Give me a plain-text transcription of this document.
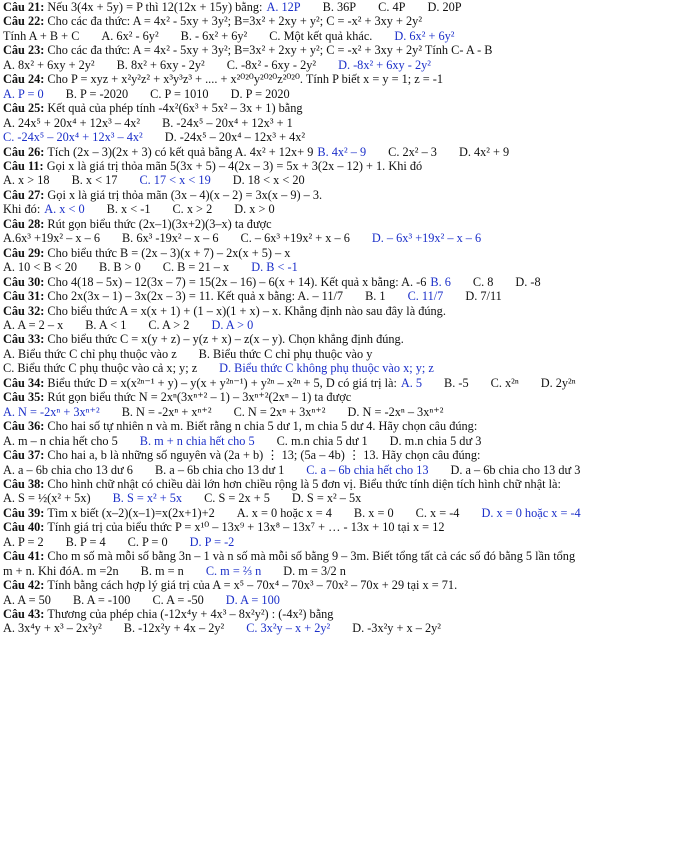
Câu 21: Nếu 3(4x + 5y) = P thì 12(12x + 15y) bằng: A. 12P B. 36P C. 4P D. 20P

Câu 22: Cho các đa thức: A = 4x² - 5xy + 3y²; B=3x² + 2xy + y²; C = -x² + 3xy + 2y²

Tính A + B + C A. 6x² - 6y² B. - 6x² + 6y² C. Một kết quả khác. D. 6x² + 6y²

Câu 23: Cho các đa thức: A = 4x² - 5xy + 3y²; B=3x² + 2xy + y²; C = -x² + 3xy + 2y² Tính C- A - B

A. 8x² + 6xy + 2y² B. 8x² + 6xy - 2y² C. -8x² - 6xy - 2y² D. -8x² + 6xy - 2y²

Câu 24: Cho P = xyz + x²y²z² + x³y³z³ + .... + x²⁰²⁰y²⁰²⁰z²⁰²⁰. Tính P biết x = y = 1; z = -1

A. P = 0 B. P = -2020 C. P = 1010 D. P = 2020

Câu 25: Kết quả của phép tính -4x²(6x³ + 5x² – 3x + 1) bằng

A. 24x⁵ + 20x⁴ + 12x³ – 4x² B. -24x⁵ – 20x⁴ + 12x³ + 1

C. -24x⁵ – 20x⁴ + 12x³ – 4x² D. -24x⁵ – 20x⁴ – 12x³ + 4x²

Câu 26: Tích (2x – 3)(2x + 3) có kết quả bằng A. 4x² + 12x+ 9 B. 4x² – 9 C. 2x² – 3 D. 4x² + 9

Câu 11: Gọi x là giá trị thỏa mãn 5(3x + 5) – 4(2x – 3) = 5x + 3(2x – 12) + 1. Khi đó

A. x > 18 B. x < 17 C. 17 < x < 19 D. 18 < x < 20

Câu 27: Gọi x là giá trị thỏa mãn (3x – 4)(x – 2) = 3x(x – 9) – 3.

Khi đó: A. x < 0 B. x < -1 C. x > 2 D. x > 0

Câu 28: Rút gọn biểu thức (2x–1)(3x+2)(3–x) ta được

A.6x³ +19x² – x – 6 B. 6x³ -19x² – x – 6 C. – 6x³ +19x² + x – 6 D. – 6x³ +19x² – x – 6

Câu 29: Cho biểu thức B = (2x – 3)(x + 7) – 2x(x + 5) – x

A. 10 < B < 20 B. B > 0 C. B = 21 – x D. B < -1

Câu 30: Cho 4(18 – 5x) – 12(3x – 7) = 15(2x – 16) – 6(x + 14). Kết quả x bằng: A. -6 B. 6 C. 8 D. -8

Câu 31: Cho 2x(3x – 1) – 3x(2x – 3) = 11. Kết quả x bằng: A. – 11/7 B. 1 C. 11/7 D. 7/11

Câu 32: Cho biểu thức A = x(x + 1) + (1 – x)(1 + x) – x. Khẳng định nào sau đây là đúng.

A. A = 2 – x B. A < 1 C. A > 2 D. A > 0

Câu 33: Cho biểu thức C = x(y + z) – y(z + x) – z(x – y). Chọn khẳng định đúng.

A. Biểu thức C chỉ phụ thuộc vào z B. Biểu thức C chỉ phụ thuộc vào y

C. Biểu thức C phụ thuộc vào cả x; y; z D. Biểu thức C không phụ thuộc vào x; y; z

Câu 34: Biểu thức D = x(x²ⁿ⁻¹ + y) – y(x + y²ⁿ⁻¹) + y²ⁿ – x²ⁿ + 5, D có giá trị là: A. 5 B. -5 C. x²ⁿ D. 2y²ⁿ

Câu 35: Rút gọn biểu thức N = 2xⁿ(3xⁿ⁺² – 1) – 3xⁿ⁺²(2xⁿ – 1) ta được

A. N = -2xⁿ + 3xⁿ⁺² B. N = -2xⁿ + xⁿ⁺² C. N = 2xⁿ + 3xⁿ⁺² D. N = -2xⁿ – 3xⁿ⁺²

Câu 36: Cho hai số tự nhiên n và m. Biết rằng n chia 5 dư 1, m chia 5 dư 4. Hãy chọn câu đúng:

A. m – n chia hết cho 5 B. m + n chia hết cho 5 C. m.n chia 5 dư 1 D. m.n chia 5 dư 3

Câu 37: Cho hai a, b là những số nguyên và (2a + b) ⋮ 13; (5a – 4b) ⋮ 13. Hãy chọn câu đúng:

A. a – 6b chia cho 13 dư 6 B. a – 6b chia cho 13 dư 1 C. a – 6b chia hết cho 13 D. a – 6b chia cho 13 dư 3

Câu 38: Cho hình chữ nhật có chiều dài lớn hơn chiều rộng là 5 đơn vị. Biểu thức tính diện tích hình chữ nhật là:

A. S = ½(x² + 5x) B. S = x² + 5x C. S = 2x + 5 D. S = x² – 5x

Câu 39: Tìm x biết (x–2)(x–1)=x(2x+1)+2 A. x = 0 hoặc x = 4 B. x = 0 C. x = -4 D. x = 0 hoặc x = -4

Câu 40: Tính giá trị của biểu thức P = x¹⁰ – 13x⁹ + 13x⁸ – 13x⁷ + … - 13x + 10 tại x = 12

A. P = 2 B. P = 4 C. P = 0 D. P = -2

Câu 41: Cho m số mà mỗi số bằng 3n – 1 và n số mà mỗi số bằng 9 – 3m. Biết tổng tất cả các số đó bằng 5 lần tổng

m + n. Khi đóA. m =2n B. m = n C. m = ⅔ n D. m = 3/2 n

Câu 42: Tính bằng cách hợp lý giá trị của A = x⁵ – 70x⁴ – 70x³ – 70x² – 70x + 29 tại x = 71.

A. A = 50 B. A = -100 C. A = -50 D. A = 100

Câu 43: Thương của phép chia (-12x⁴y + 4x³ – 8x²y²) : (-4x²) bằng

A. 3x⁴y + x³ – 2x²y² B. -12x²y + 4x – 2y² C. 3x²y – x + 2y² D. -3x²y + x – 2y²
